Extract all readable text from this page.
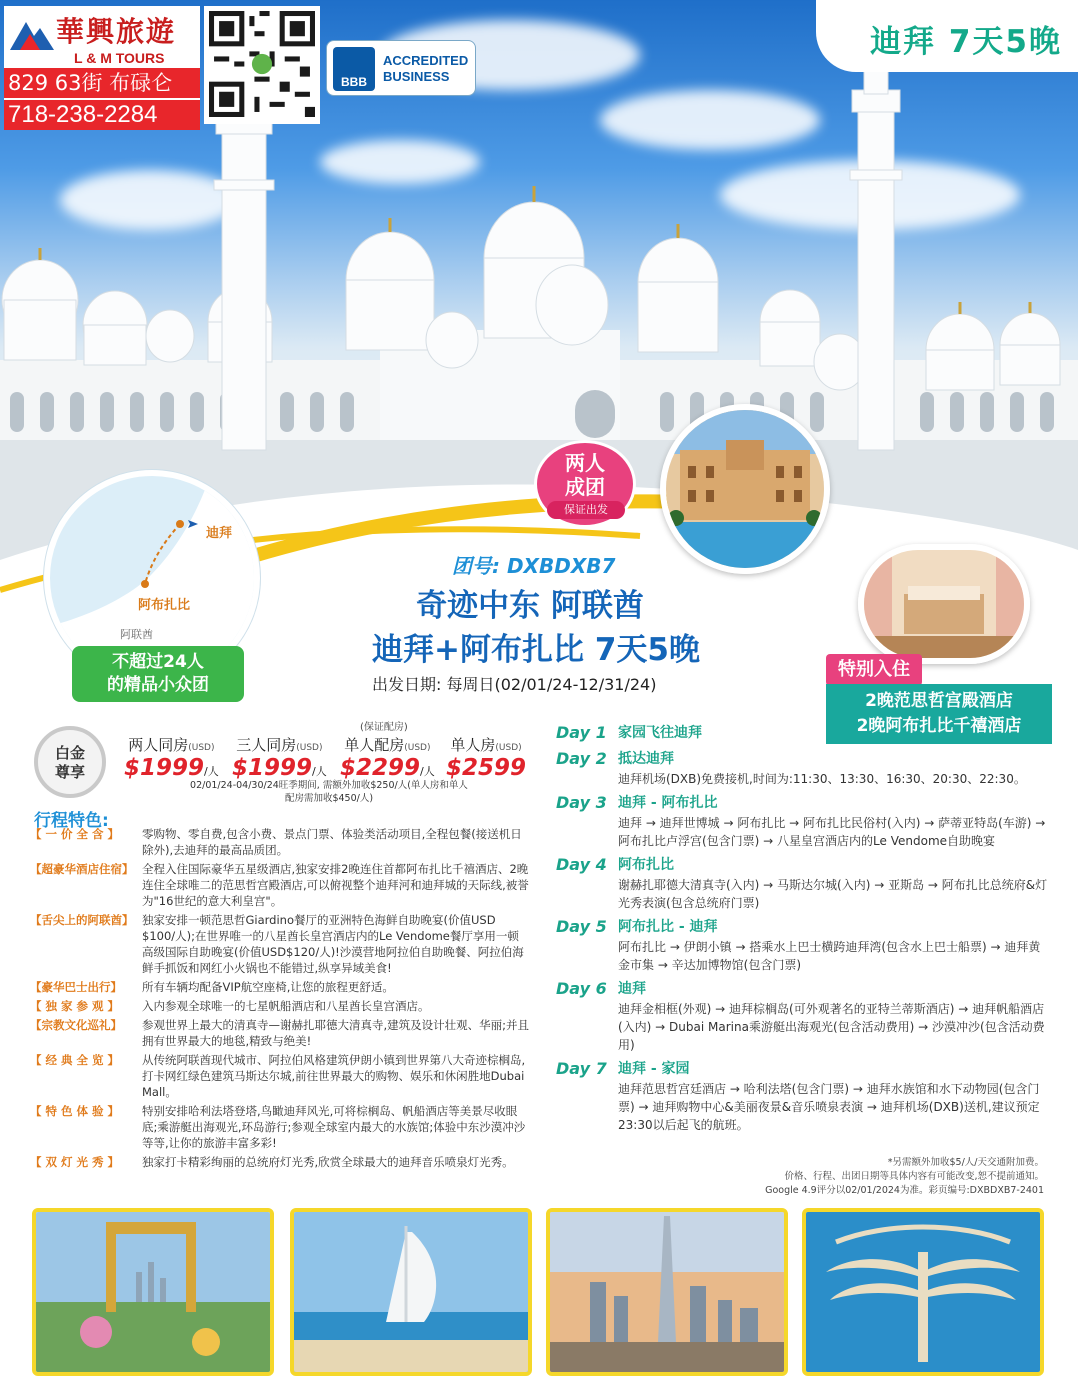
華興旅遊
L & M TOURS
829 63街 布碌仑
718-238-2284
BBB
ACCREDITED
BUSINESS
迪拜 7天5晚
迪拜
阿布扎比
阿联酋
不超过24人
的精品小众团
两人
成团
保证出发
特别入住
2晚范思哲宫殿酒店
2晚阿布扎比千禧酒店
团号: DXBDXB7
奇迹中东 阿联酋
迪拜+阿布扎比 7天5晚
出发日期: 每周日(02/01/24-12/31/24)
白金
尊享
(保证配房)
两人同房(USD)
$1999/人
三人同房(USD)
$1999/人
单人配房(USD)
$2299/人
单人房(USD)
$2599
02/01/24-04/30/24旺季期间, 需额外加收$250/人(单人房和单人配房需加收$450/人)
行程特色:
【 一 价 全 含 】	零购物、零自费,包含小费、景点门票、体验类活动项目,全程包餐(接送机日除外),去迪拜的最高品质团。
【超豪华酒店住宿】 全程入住国际豪华五星级酒店,独家安排2晚连住首都阿布扎比千禧酒店、2晚连住全球唯二的范思哲宫殿酒店,可以俯视整个迪拜河和迪拜城的天际线,被誉为"16世纪的意大利皇宫"。
【舌尖上的阿联酋】 独家安排一顿范思哲Giardino餐厅的亚洲特色海鲜自助晚宴(价值USD $100/人);在世界唯一的八星酋长皇宫酒店内的Le Vendome餐厅享用一顿高级国际自助晚宴(价值USD$120/人)!沙漠营地阿拉伯自助晚餐、阿拉伯海鲜手抓饭和网红小火锅也不能错过,纵享异域美食!
【豪华巴士出行】	所有车辆均配备VIP航空座椅,让您的旅程更舒适。
【 独 家 参 观 】	入内参观全球唯一的七星帆船酒店和八星酋长皇宫酒店。
【宗教文化巡礼】	参观世界上最大的清真寺—谢赫扎耶德大清真寺,建筑及设计壮观、华丽;并且拥有世界最大的地毯,精致与绝美!
【 经 典 全 览 】	从传统阿联酋现代城市、阿拉伯风格建筑伊朗小镇到世界第八大奇迹棕榈岛,打卡网红绿色建筑马斯达尔城,前往世界最大的购物、娱乐和休闲胜地Dubai Mall。
【 特 色 体 验 】	特别安排哈利法塔登塔,鸟瞰迪拜风光,可将棕榈岛、帆船酒店等美景尽收眼底;乘游艇出海观光,环岛游行;参观全球室内最大的水族馆;体验中东沙漠冲沙等等,让你的旅游丰富多彩!
【 双 灯 光 秀 】	独家打卡精彩绚丽的总统府灯光秀,欣赏全球最大的迪拜音乐喷泉灯光秀。
Day 1 家园飞往迪拜
Day 2 抵达迪拜
迪拜机场(DXB)免费接机,时间为:11:30、13:30、16:30、20:30、22:30。
Day 3 迪拜 - 阿布扎比
迪拜 → 迪拜世博城 → 阿布扎比 → 阿布扎比民俗村(入内) → 萨蒂亚特岛(车游) → 阿布扎比卢浮宫(包含门票) → 八星皇宫酒店内的Le Vendome自助晚宴
Day 4 阿布扎比
谢赫扎耶德大清真寺(入内) → 马斯达尔城(入内) → 亚斯岛 → 阿布扎比总统府&灯光秀表演(包含总统府门票)
Day 5 阿布扎比 - 迪拜
阿布扎比 → 伊朗小镇 → 搭乘水上巴士横跨迪拜湾(包含水上巴士船票) → 迪拜黄金市集 → 辛达加博物馆(包含门票)
Day 6 迪拜
迪拜金相框(外观) → 迪拜棕榈岛(可外观著名的亚特兰蒂斯酒店) → 迪拜帆船酒店(入内) → Dubai Marina乘游艇出海观光(包含活动费用) → 沙漠冲沙(包含活动费用)
Day 7 迪拜 - 家园
迪拜范思哲宫廷酒店 → 哈利法塔(包含门票) → 迪拜水族馆和水下动物园(包含门票) → 迪拜购物中心&美丽夜景&音乐喷泉表演 → 迪拜机场(DXB)送机,建议预定23:30以后起飞的航班。
*另需额外加收$5/人/天交通附加费。
价格、行程、出团日期等具体内容有可能改变,恕不提前通知。
Google 4.9评分以02/01/2024为准。彩页编号:DXBDXB7-2401
